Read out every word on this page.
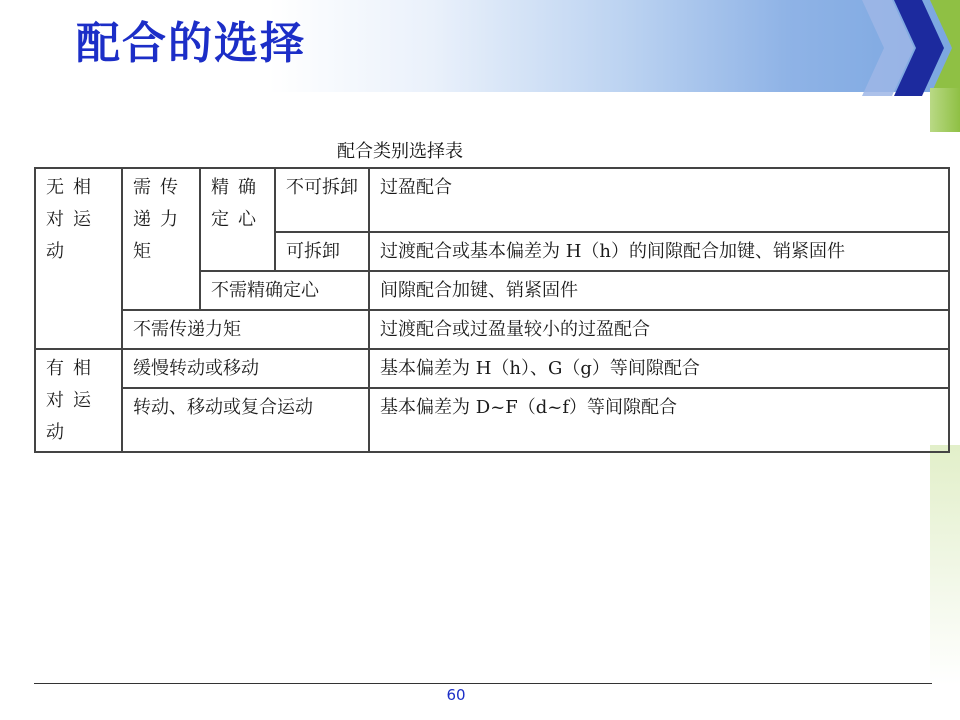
配合的选择
配合类别选择表
无相对运动	需传递力矩	精确定心	不可拆卸	过盈配合
			可拆卸	过渡配合或基本偏差为 H（h）的间隙配合加键、销紧固件
		不需精确定心		间隙配合加键、销紧固件
	不需传递力矩			过渡配合或过盈量较小的过盈配合
有相对运动	缓慢转动或移动			基本偏差为 H（h）、G（g）等间隙配合
	转动、移动或复合运动			基本偏差为 D~F（d~f）等间隙配合
60
